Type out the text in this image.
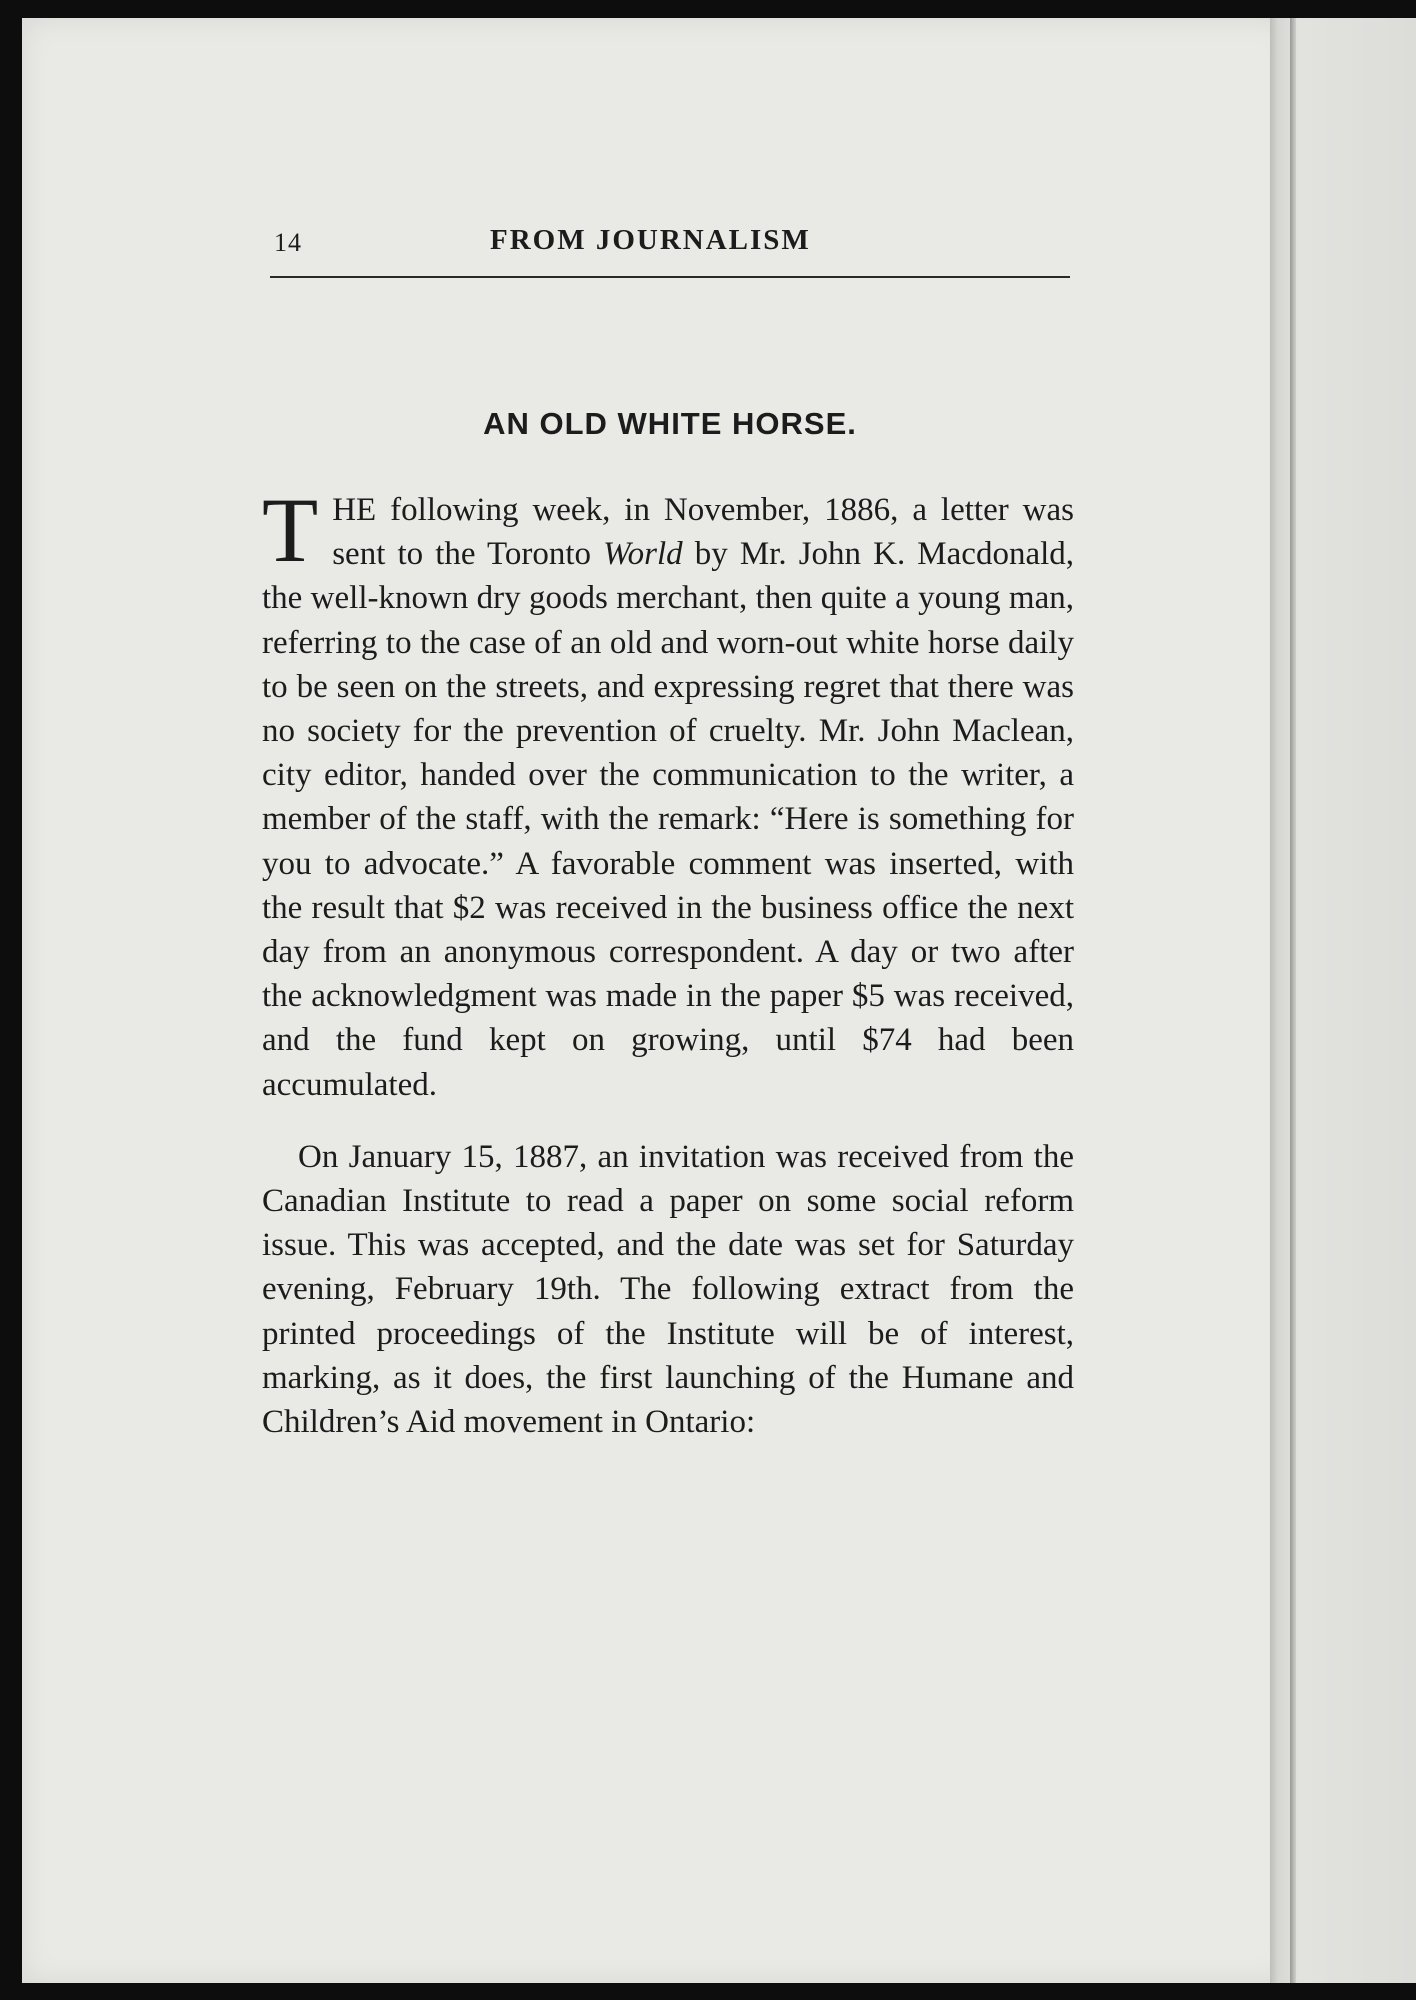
14	FROM JOURNALISM
AN OLD WHITE HORSE.

THE following week, in November, 1886, a letter was sent to the Toronto World by Mr. John K. Macdonald, the well-known dry goods merchant, then quite a young man, referring to the case of an old and worn-out white horse daily to be seen on the streets, and expressing regret that there was no society for the prevention of cruelty. Mr. John Maclean, city editor, handed over the communication to the writer, a member of the staff, with the remark: “Here is something for you to advocate.” A favorable comment was inserted, with the result that $2 was received in the business office the next day from an anonymous correspondent. A day or two after the acknowledgment was made in the paper $5 was received, and the fund kept on growing, until $74 had been accumulated.

On January 15, 1887, an invitation was received from the Canadian Institute to read a paper on some social reform issue. This was accepted, and the date was set for Saturday evening, February 19th. The following extract from the printed proceedings of the Institute will be of interest, marking, as it does, the first launching of the Humane and Children’s Aid movement in Ontario:
